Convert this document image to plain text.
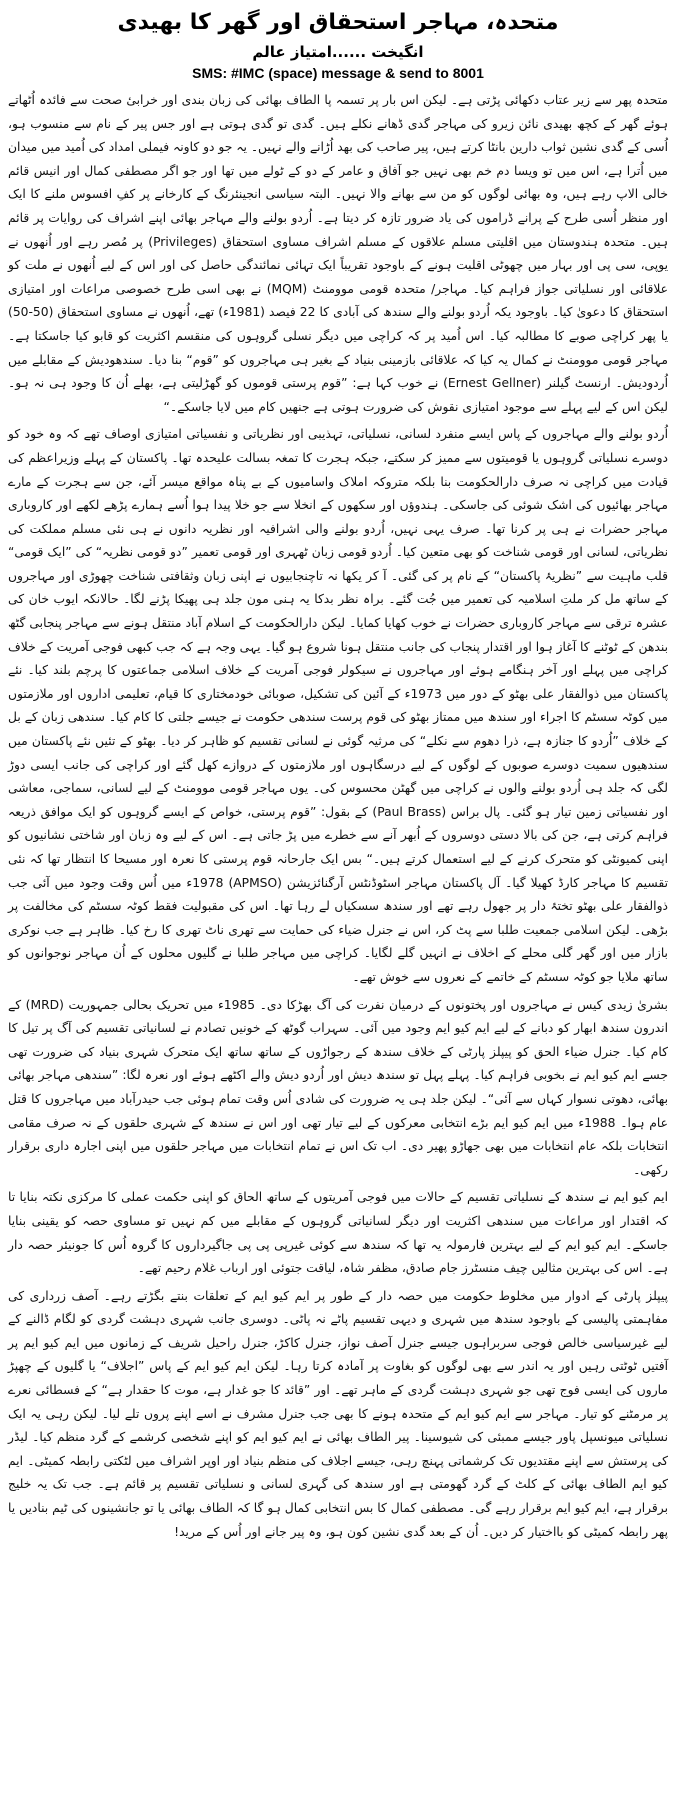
متحدہ، مہاجر استحقاق اور گھر کا بھیدی
انگیخت ......امتیاز عالم
SMS: #IMC (space) message & send to 8001

متحدہ پھر سے زیر عتاب دکھائی پڑتی ہے۔ لیکن اس بار پر تسمہ پا الطاف بھائی کی زبان بندی اور خرابیٔ صحت سے فائدہ اُٹھاتے ہوئے گھر کے کچھ بھیدی نائن زیرو کی مہاجر گدی ڈھانے نکلے ہیں۔ گدی تو گدی ہوتی ہے اور جس پیر کے نام سے منسوب ہو، اُسی کے گدی نشین ثواب دارین بانٹا کرتے ہیں، پیر صاحب کی بھد اُڑانے والے نہیں۔ یہ جو دو کاونہ فیملی امداد کی اُمید میں میدان میں اُترا ہے، اس میں تو ویسا دم خم بھی نہیں جو آفاق و عامر کے دو کے ٹولے میں تھا اور جو اگر مصطفی کمال اور انیس قائم خالی الاپ رہے ہیں، وہ بھائی لوگوں کو من سے بھانے والا نہیں۔ البتہ سیاسی انجینئرنگ کے کارخانے پر کفِ افسوس ملنے کا ایک اور منظر اُسی طرح کے پرانے ڈراموں کی یاد ضرور تازہ کر دیتا ہے۔ اُردو بولنے والے مہاجر بھائی اپنے اشراف کی روایات پر قائم ہیں۔ متحدہ ہندوستان میں اقلیتی مسلم علاقوں کے مسلم اشراف مساوی استحقاق (Privileges) پر مُصر رہے اور اُنھوں نے یوپی، سی پی اور بہار میں چھوٹی اقلیت ہونے کے باوجود تقریباً ایک تہائی نمائندگی حاصل کی اور اس کے لیے اُنھوں نے ملت کو علاقائی اور نسلیاتی جواز فراہم کیا۔ مہاجر/ متحدہ قومی موومنٹ (MQM) نے بھی اسی طرح خصوصی مراعات اور امتیازی استحقاق کا دعویٰ کیا۔ باوجود یکہ اُردو بولنے والے سندھ کی آبادی کا 22 فیصد (1981ء) تھے، اُنھوں نے مساوی استحقاق (50-50) یا پھر کراچی صوبے کا مطالبہ کیا۔ اس اُمید پر کہ کراچی میں دیگر نسلی گروہوں کی منقسم اکثریت کو قابو کیا جاسکتا ہے۔ مہاجر قومی موومنٹ نے کمال یہ کیا کہ علاقائی بازمینی بنیاد کے بغیر ہی مہاجروں کو ”قوم“ بنا دیا۔ سندھودیش کے مقابلے میں اُردودیش۔ ارنسٹ گیلنر (Ernest Gellner) نے خوب کہا ہے: ”قوم پرستی قوموں کو گھڑلیتی ہے، بھلے اُن کا وجود ہی نہ ہو۔ لیکن اس کے لیے پہلے سے موجود امتیازی نقوش کی ضرورت ہوتی ہے جنھیں کام میں لایا جاسکے۔“

اُردو بولنے والے مہاجروں کے پاس ایسے منفرد لسانی، نسلیاتی، تہذیبی اور نظریاتی و نفسیاتی امتیازی اوصاف تھے کہ وہ خود کو دوسرے نسلیاتی گروہوں یا قومیتوں سے ممیز کر سکتے، جبکہ ہجرت کا تمغہ بسالت علیحدہ تھا۔ پاکستان کے پہلے وزیراعظم کی قیادت میں کراچی نہ صرف دارالحکومت بنا بلکہ متروکہ املاک واسامیوں کے بے پناہ مواقع میسر آئے، جن سے ہجرت کے مارے مہاجر بھائیوں کی اشک شوئی کی جاسکی۔ ہندوؤں اور سکھوں کے انخلا سے جو خلا پیدا ہوا اُسے ہمارے پڑھے لکھے اور کاروباری مہاجر حضرات نے ہی پر کرنا تھا۔ صرف یہی نہیں، اُردو بولنے والی اشرافیہ اور نظریہ دانوں نے ہی نئی مسلم مملکت کی نظریاتی، لسانی اور قومی شناخت کو بھی متعین کیا۔ اُردو قومی زبان ٹھہری اور قومی تعمیر ”دو قومی نظریہ“ کی ”ایک قومی“ قلب ماہیت سے ”نظریۂ پاکستان“ کے نام پر کی گئی۔ آ کر یکھا نہ تاچنجابیوں نے اپنی زبان وثقافتی شناخت چھوڑی اور مہاجروں کے ساتھ مل کر ملتِ اسلامیہ کی تعمیر میں جُت گئے۔ براہ نظر بدکا یہ ہنی مون جلد ہی پھیکا پڑنے لگا۔ حالانکہ ایوب خان کی عشرہ ترقی سے مہاجر کاروباری حضرات نے خوب کھایا کمایا۔ لیکن دارالحکومت کے اسلام آباد منتقل ہونے سے مہاجر پنجابی گٹھ بندھن کے ٹوٹنے کا آغاز ہوا اور اقتدار پنجاب کی جانب منتقل ہونا شروع ہو گیا۔ یہی وجہ ہے کہ جب کبھی فوجی آمریت کے خلاف کراچی میں پہلے اور آخر ہنگامے ہوئے اور مہاجروں نے سیکولر فوجی آمریت کے خلاف اسلامی جماعتوں کا پرچم بلند کیا۔ نئے پاکستان میں ذوالفقار علی بھٹو کے دور میں 1973ء کے آئین کی تشکیل، صوبائی خودمختاری کا قیام، تعلیمی اداروں اور ملازمتوں میں کوٹہ سسٹم کا اجراء اور سندھ میں ممتاز بھٹو کی قوم پرست سندھی حکومت نے جیسے جلتی کا کام کیا۔ سندھی زبان کے بل کے خلاف ”اُردو کا جنازہ ہے، ذرا دھوم سے نکلے“ کی مرثیہ گوئی نے لسانی تقسیم کو ظاہر کر دیا۔ بھٹو کے تئیں نئے پاکستان میں سندھیوں سمیت دوسرے صوبوں کے لوگوں کے لیے درسگاہوں اور ملازمتوں کے دروازے کھل گئے اور کراچی کی جانب ایسی دوڑ لگی کہ جلد ہی اُردو بولنے والوں نے کراچی میں گھٹن محسوس کی۔ یوں مہاجر قومی موومنٹ کے لیے لسانی، سماجی، معاشی اور نفسیاتی زمین تیار ہو گئی۔ پال براس (Paul Brass) کے بقول: ”قوم پرستی، خواص کے ایسے گروہوں کو ایک موافق ذریعہ فراہم کرتی ہے، جن کی بالا دستی دوسروں کے اُبھر آنے سے خطرے میں پڑ جاتی ہے۔ اس کے لیے وہ زبان اور شاختی نشانیوں کو اپنی کمیونٹی کو متحرک کرنے کے لیے استعمال کرتے ہیں۔“ بس ایک جارحانہ قوم پرستی کا نعرہ اور مسیحا کا انتظار تھا کہ نئی تقسیم کا مہاجر کارڈ کھیلا گیا۔ آل پاکستان مہاجر اسٹوڈنٹس آرگنائزیشن (APMSO) 1978ء میں اُس وقت وجود میں آئی جب ذوالفقار علی بھٹو تختۂ دار پر جھول رہے تھے اور سندھ سسکیاں لے رہا تھا۔ اس کی مقبولیت فقط کوٹہ سسٹم کی مخالفت پر بڑھی۔ لیکن اسلامی جمعیت طلبا سے پٹ کر، اس نے جنرل ضیاء کی حمایت سے تھری ناٹ تھری کا رخ کیا۔ ظاہر ہے جب نوکری بازار میں اور گھر گلی محلے کے اخلاف نے انہیں گلے لگایا۔ کراچی میں مہاجر طلبا نے گلیوں محلوں کے اُن مہاجر نوجوانوں کو ساتھ ملایا جو کوٹہ سسٹم کے خاتمے کے نعروں سے خوش تھے۔

بشریٰ زیدی کیس نے مہاجروں اور پختونوں کے درمیان نفرت کی آگ بھڑکا دی۔ 1985ء میں تحریک بحالی جمہوریت (MRD) کے اندرون سندھ ابھار کو دبانے کے لیے ایم کیو ایم وجود میں آئی۔ سہراب گوٹھ کے خونیں تصادم نے لسانیاتی تقسیم کی آگ پر تیل کا کام کیا۔ جنرل ضیاء الحق کو پیپلز پارٹی کے خلاف سندھ کے رجواڑوں کے ساتھ ساتھ ایک متحرک شہری بنیاد کی ضرورت تھی جسے ایم کیو ایم نے بخوبی فراہم کیا۔ پہلے پہل تو سندھ دیش اور اُردو دیش والے اکٹھے ہوئے اور نعرہ لگا: ”سندھی مہاجر بھائی بھائی، دھوتی نسوار کہاں سے آئی“۔ لیکن جلد ہی یہ ضرورت کی شادی اُس وقت تمام ہوئی جب حیدرآباد میں مہاجروں کا قتل عام ہوا۔ 1988ء میں ایم کیو ایم بڑے انتخابی معرکوں کے لیے تیار تھی اور اس نے سندھ کے شہری حلقوں کے نہ صرف مقامی انتخابات بلکہ عام انتخابات میں بھی جھاڑو پھیر دی۔ اب تک اس نے تمام انتخابات میں مہاجر حلقوں میں اپنی اجارہ داری برقرار رکھی۔

ایم کیو ایم نے سندھ کے نسلیاتی تقسیم کے حالات میں فوجی آمریتوں کے ساتھ الحاق کو اپنی حکمت عملی کا مرکزی نکتہ بنایا تا کہ اقتدار اور مراعات میں سندھی اکثریت اور دیگر لسانیاتی گروہوں کے مقابلے میں کم نہیں تو مساوی حصہ کو یقینی بنایا جاسکے۔ ایم کیو ایم کے لیے بہترین فارمولہ یہ تھا کہ سندھ سے کوئی غیرپی پی پی جاگیرداروں کا گروہ اُس کا جونیئر حصہ دار ہے۔ اس کی بہترین مثالیں چیف منسٹرز جام صادق، مظفر شاہ، لیاقت جتوئی اور ارباب غلام رحیم تھے۔

پیپلز پارٹی کے ادوار میں مخلوط حکومت میں حصہ دار کے طور پر ایم کیو ایم کے تعلقات بنتے بگڑتے رہے۔ آصف زرداری کی مفاہمتی پالیسی کے باوجود سندھ میں شہری و دیہی تقسیم پاٹے نہ پاٹی۔ دوسری جانب شہری دہشت گردی کو لگام ڈالنے کے لیے غیرسیاسی خالص فوجی سربراہوں جیسے جنرل آصف نواز، جنرل کاکڑ، جنرل راحیل شریف کے زمانوں میں ایم کیو ایم پر آفتیں ٹوٹتی رہیں اور یہ اندر سے بھی لوگوں کو بغاوت پر آمادہ کرتا رہا۔ لیکن ایم کیو ایم کے پاس ”اجلاف“ یا گلیوں کے چھپڑ ماروں کی ایسی فوج تھی جو شہری دہشت گردی کے ماہر تھے۔ اور ”قائد کا جو غدار ہے، موت کا حقدار ہے“ کے فسطائی نعرے پر مرمٹنے کو تیار۔ مہاجر سے ایم کیو ایم کے متحدہ ہونے کا بھی جب جنرل مشرف نے اسے اپنے پروں تلے لیا۔ لیکن رہی یہ ایک نسلیاتی میونسپل پاور جیسے ممبئی کی شیوسینا۔ پیر الطاف بھائی نے ایم کیو ایم کو اپنے شخصی کرشمے کے گرد منظم کیا۔ لیڈر کی پرستش سے اپنے مقتدیوں تک کرشماتی پہنچ رہی، جیسے اجلاف کی منظم بنیاد اور اوپر اشراف میں لٹکتی رابطہ کمیٹی۔ ایم کیو ایم الطاف بھائی کے کلٹ کے گرد گھومتی ہے اور سندھ کی گہری لسانی و نسلیاتی تقسیم پر قائم ہے۔ جب تک یہ خلیج برقرار ہے، ایم کیو ایم برقرار رہے گی۔ مصطفی کمال کا بس انتخابی کمال ہو گا کہ الطاف بھائی یا تو جانشینوں کی ٹیم بنادیں یا پھر رابطہ کمیٹی کو بااختیار کر دیں۔ اُن کے بعد گدی نشین کون ہو، وہ پیر جانے اور اُس کے مرید!
